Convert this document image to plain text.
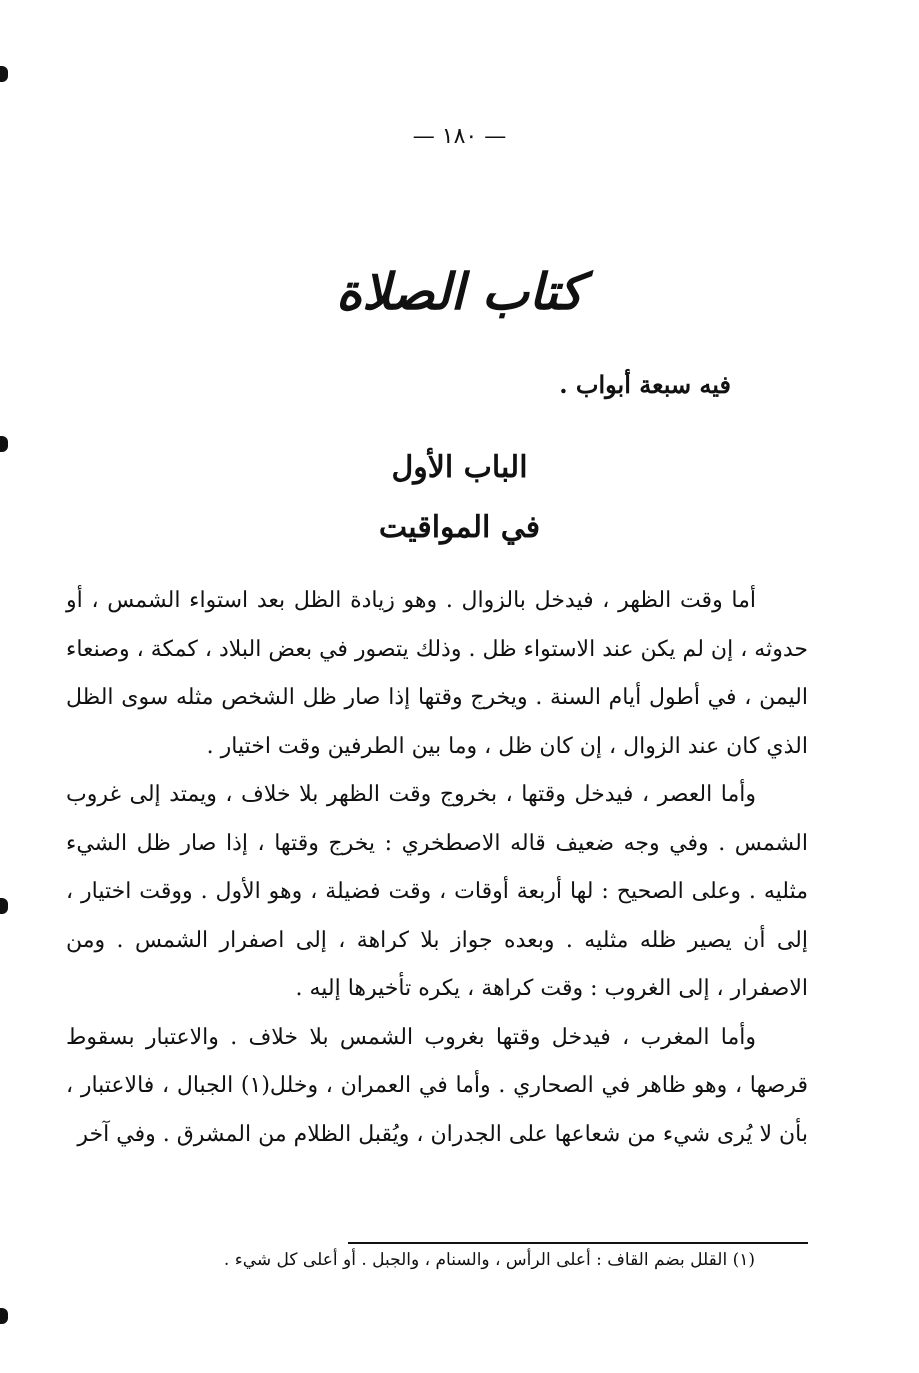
— ١٨٠ —
كتاب الصلاة
فيه سبعة أبواب .
الباب الأول
في المواقيت

أما وقت الظهر ، فيدخل بالزوال . وهو زيادة الظل بعد استواء الشمس ، أو حدوثه ، إن لم يكن عند الاستواء ظل . وذلك يتصور في بعض البلاد ، كمكة ، وصنعاء اليمن ، في أطول أيام السنة . ويخرج وقتها إذا صار ظل الشخص مثله سوى الظل الذي كان عند الزوال ، إن كان ظل ، وما بين الطرفين وقت اختيار .

وأما العصر ، فيدخل وقتها ، بخروج وقت الظهر بلا خلاف ، ويمتد إلى غروب الشمس . وفي وجه ضعيف قاله الاصطخري : يخرج وقتها ، إذا صار ظل الشيء مثليه . وعلى الصحيح : لها أربعة أوقات ، وقت فضيلة ، وهو الأول . ووقت اختيار ، إلى أن يصير ظله مثليه . وبعده جواز بلا كراهة ، إلى اصفرار الشمس . ومن الاصفرار ، إلى الغروب : وقت كراهة ، يكره تأخيرها إليه .

وأما المغرب ، فيدخل وقتها بغروب الشمس بلا خلاف . والاعتبار بسقوط قرصها ، وهو ظاهر في الصحاري . وأما في العمران ، وخلل(١) الجبال ، فالاعتبار ، بأن لا يُرى شيء من شعاعها على الجدران ، ويُقبل الظلام من المشرق . وفي آخر

(١) القلل بضم القاف : أعلى الرأس ، والسنام ، والجبل . أو أعلى كل شيء .
